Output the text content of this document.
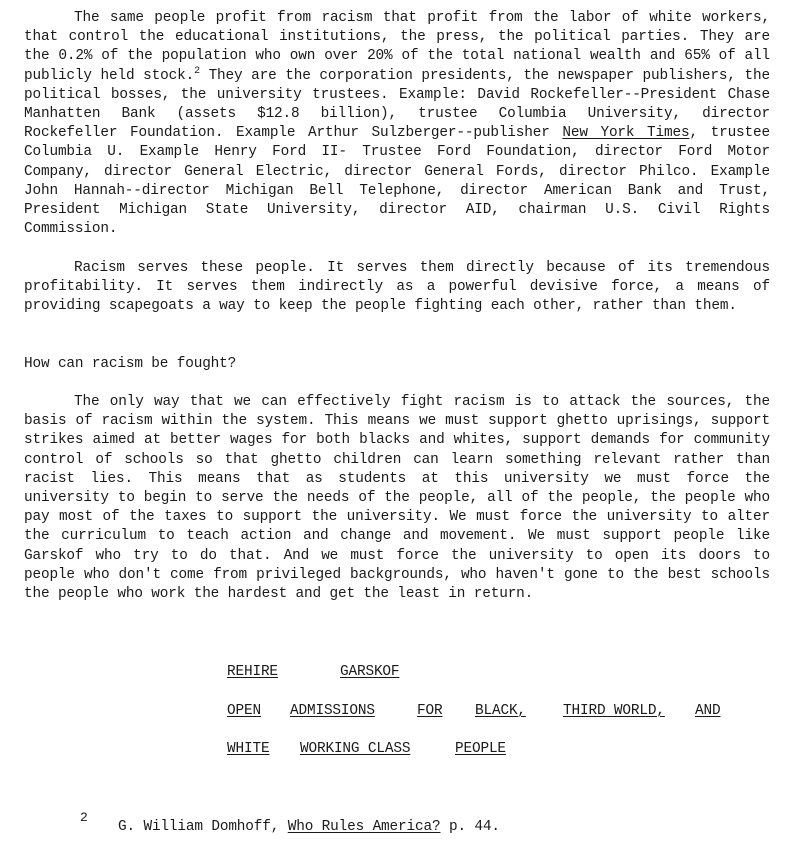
The same people profit from racism that profit from the labor of white workers, that control the educational institutions, the press, the political parties. They are the 0.2% of the population who own over 20% of the total national wealth and 65% of all publicly held stock.$^2$ They are the corporation presidents, the newspaper publishers, the political bosses, the university trustees. Example: David Rockefeller--President Chase Manhatten Bank (assets $12.8 billion), trustee Columbia University, director Rockefeller Foundation. Example Arthur Sulzberger--publisher New York Times, trustee Columbia U. Example Henry Ford II- Trustee Ford Foundation, director Ford Motor Company, director General Electric, director General Fords, director Philco. Example John Hannah--director Michigan Bell Telephone, director American Bank and Trust, President Michigan State University, director AID, chairman U.S. Civil Rights Commission.

Racism serves these people. It serves them directly because of its tremendous profitability. It serves them indirectly as a powerful devisive force, a means of providing scapegoats a way to keep the people fighting each other, rather than them.

How can racism be fought?

The only way that we can effectively fight racism is to attack the sources, the basis of racism within the system. This means we must support ghetto uprisings, support strikes aimed at better wages for both blacks and whites, support demands for community control of schools so that ghetto children can learn something relevant rather than racist lies. This means that as students at this university we must force the university to begin to serve the needs of the people, all of the people, the people who pay most of the taxes to support the university. We must force the university to alter the curriculum to teach action and change and movement. We must support people like Garskof who try to do that. And we must force the university to open its doors to people who don't come from privileged backgrounds, who haven't gone to the best schools the people who work the hardest and get the least in return.

REHIRE	GARSKOF
OPEN ADMISSIONS	FOR BLACK,	THIRD WORLD, AND
WHITE WORKING CLASS	PEOPLE
2
G. William Domhoff, Who Rules America? p. 44.
